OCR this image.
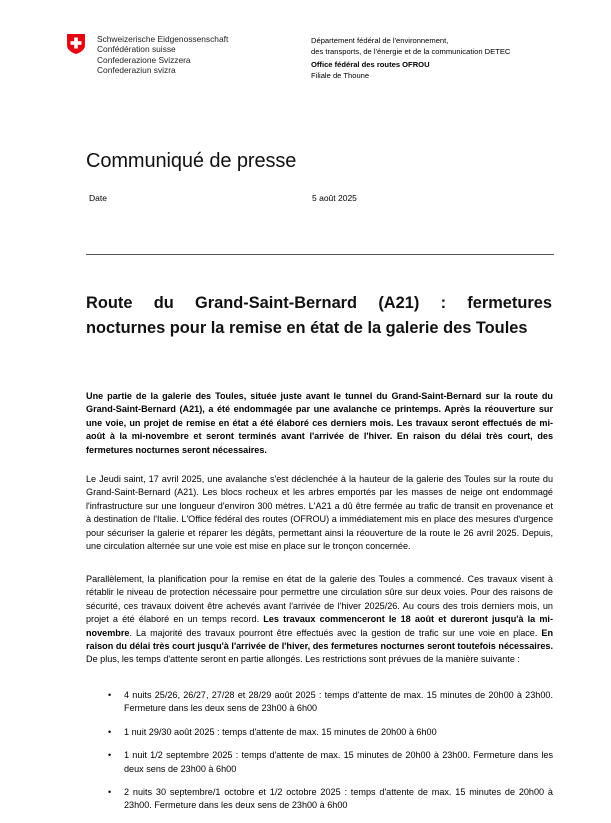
Schweizerische Eidgenossenschaft
Confédération suisse
Confederazione Svizzera
Confederaziun svizra
Département fédéral de l'environnement,
des transports, de l'énergie et de la communication DETEC
Office fédéral des routes OFROU
Filiale de Thoune
Communiqué de presse
Date	5 août 2025
Route du Grand-Saint-Bernard (A21) : fermetures nocturnes pour la remise en état de la galerie des Toules
Une partie de la galerie des Toules, située juste avant le tunnel du Grand-Saint-Bernard sur la route du Grand-Saint-Bernard (A21), a été endommagée par une avalanche ce printemps. Après la réouverture sur une voie, un projet de remise en état a été élaboré ces derniers mois. Les travaux seront effectués de mi-août à la mi-novembre et seront terminés avant l'arrivée de l'hiver. En raison du délai très court, des fermetures nocturnes seront nécessaires.
Le Jeudi saint, 17 avril 2025, une avalanche s'est déclenchée à la hauteur de la galerie des Toules sur la route du Grand-Saint-Bernard (A21). Les blocs rocheux et les arbres emportés par les masses de neige ont endommagé l'infrastructure sur une longueur d'environ 300 mètres. L'A21 a dû être fermée au trafic de transit en provenance et à destination de l'Italie. L'Office fédéral des routes (OFROU) a immédiatement mis en place des mesures d'urgence pour sécuriser la galerie et réparer les dégâts, permettant ainsi la réouverture de la route le 26 avril 2025. Depuis, une circulation alternée sur une voie est mise en place sur le tronçon concernée.
Parallèlement, la planification pour la remise en état de la galerie des Toules a commencé. Ces travaux visent à rétablir le niveau de protection nécessaire pour permettre une circulation sûre sur deux voies. Pour des raisons de sécurité, ces travaux doivent être achevés avant l'arrivée de l'hiver 2025/26. Au cours des trois derniers mois, un projet a été élaboré en un temps record. Les travaux commenceront le 18 août et dureront jusqu'à la mi-novembre. La majorité des travaux pourront être effectués avec la gestion de trafic sur une voie en place. En raison du délai très court jusqu'à l'arrivée de l'hiver, des fermetures nocturnes seront toutefois nécessaires. De plus, les temps d'attente seront en partie allongés. Les restrictions sont prévues de la manière suivante :
• 4 nuits 25/26, 26/27, 27/28 et 28/29 août 2025 : temps d'attente de max. 15 minutes de 20h00 à 23h00. Fermeture dans les deux sens de 23h00 à 6h00
• 1 nuit 29/30 août 2025 : temps d'attente de max. 15 minutes de 20h00 à 6h00
• 1 nuit 1/2 septembre 2025 : temps d'attente de max. 15 minutes de 20h00 à 23h00. Fermeture dans les deux sens de 23h00 à 6h00
• 2 nuits 30 septembre/1 octobre et 1/2 octobre 2025 : temps d'attente de max. 15 minutes de 20h00 à 23h00. Fermeture dans les deux sens de 23h00 à 6h00
